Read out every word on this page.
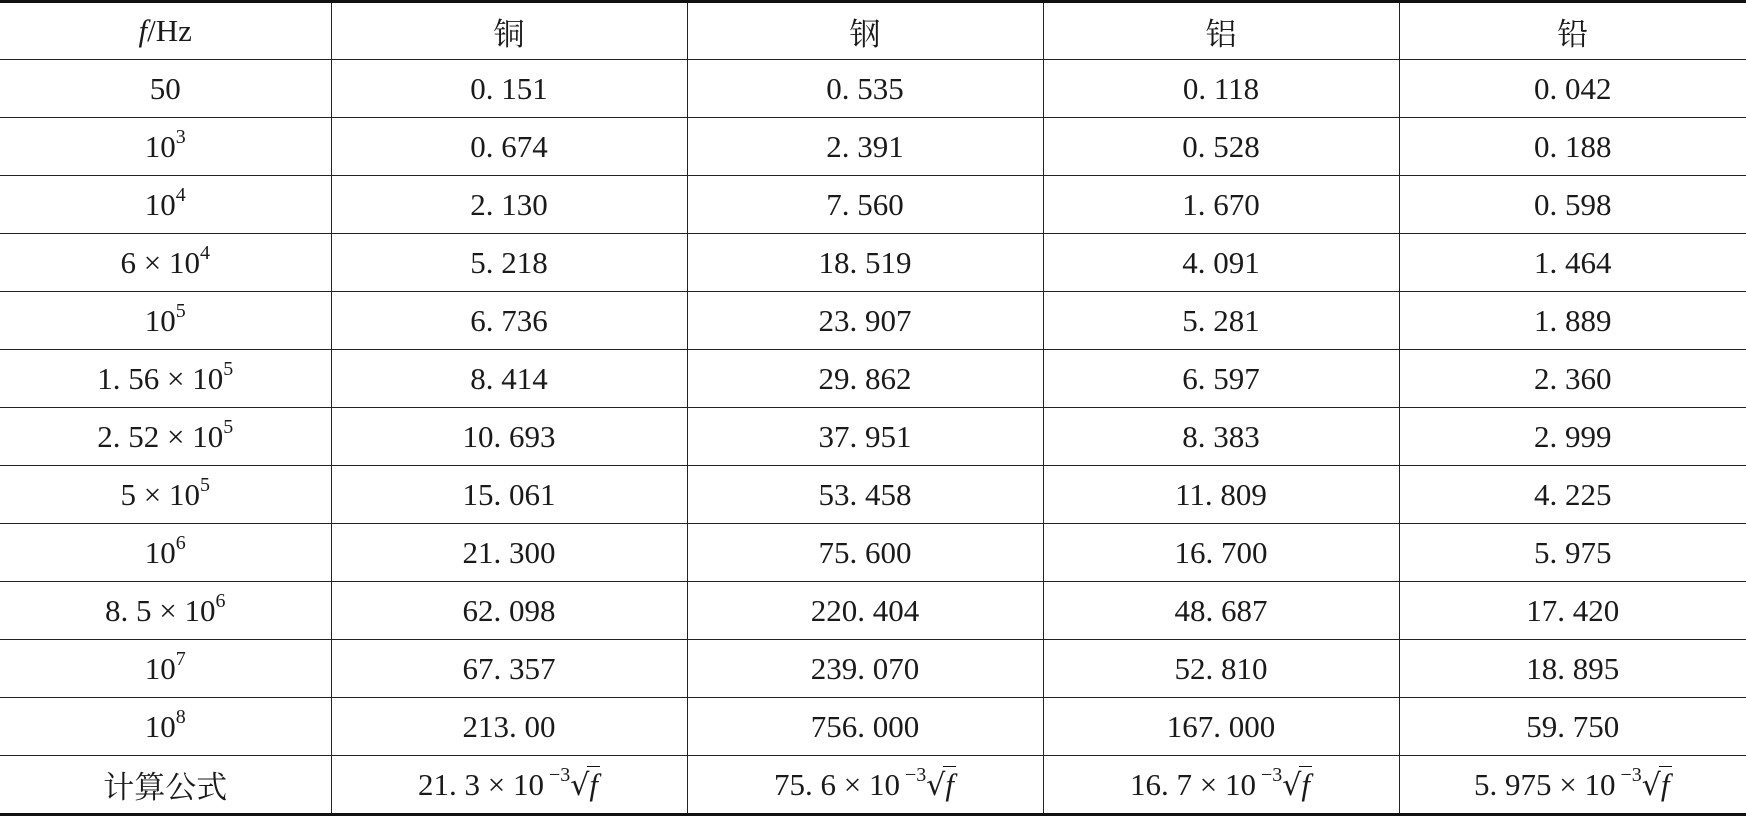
f/Hz	铜	钢	铝	铅
50	0. 151	0. 535	0. 118	0. 042
$10^3$	0. 674	2. 391	0. 528	0. 188
$10^4$	2. 130	7. 560	1. 670	0. 598
$6 \times 10^4$	5. 218	18. 519	4. 091	1. 464
$10^5$	6. 736	23. 907	5. 281	1. 889
1. $56 \times 10^5$	8. 414	29. 862	6. 597	2. 360
2. $52 \times 10^5$	10. 693	37. 951	8. 383	2. 999
$5 \times 10^5$	15. 061	53. 458	11. 809	4. 225
$10^6$	21. 300	75. 600	16. 700	5. 975
8. $5 \times 10^6$	62. 098	220. 404	48. 687	17. 420
$10^7$	67. 357	239. 070	52. 810	18. 895
$10^8$	213. 00	756. 000	167. 000	59. 750
计算公式	21. 3 × 10 $^{-3}$√f	75. 6 × 10 $^{-3}$√f	16. 7 × 10 $^{-3}$√f	5. 975 × 10 $^{-3}$√f
